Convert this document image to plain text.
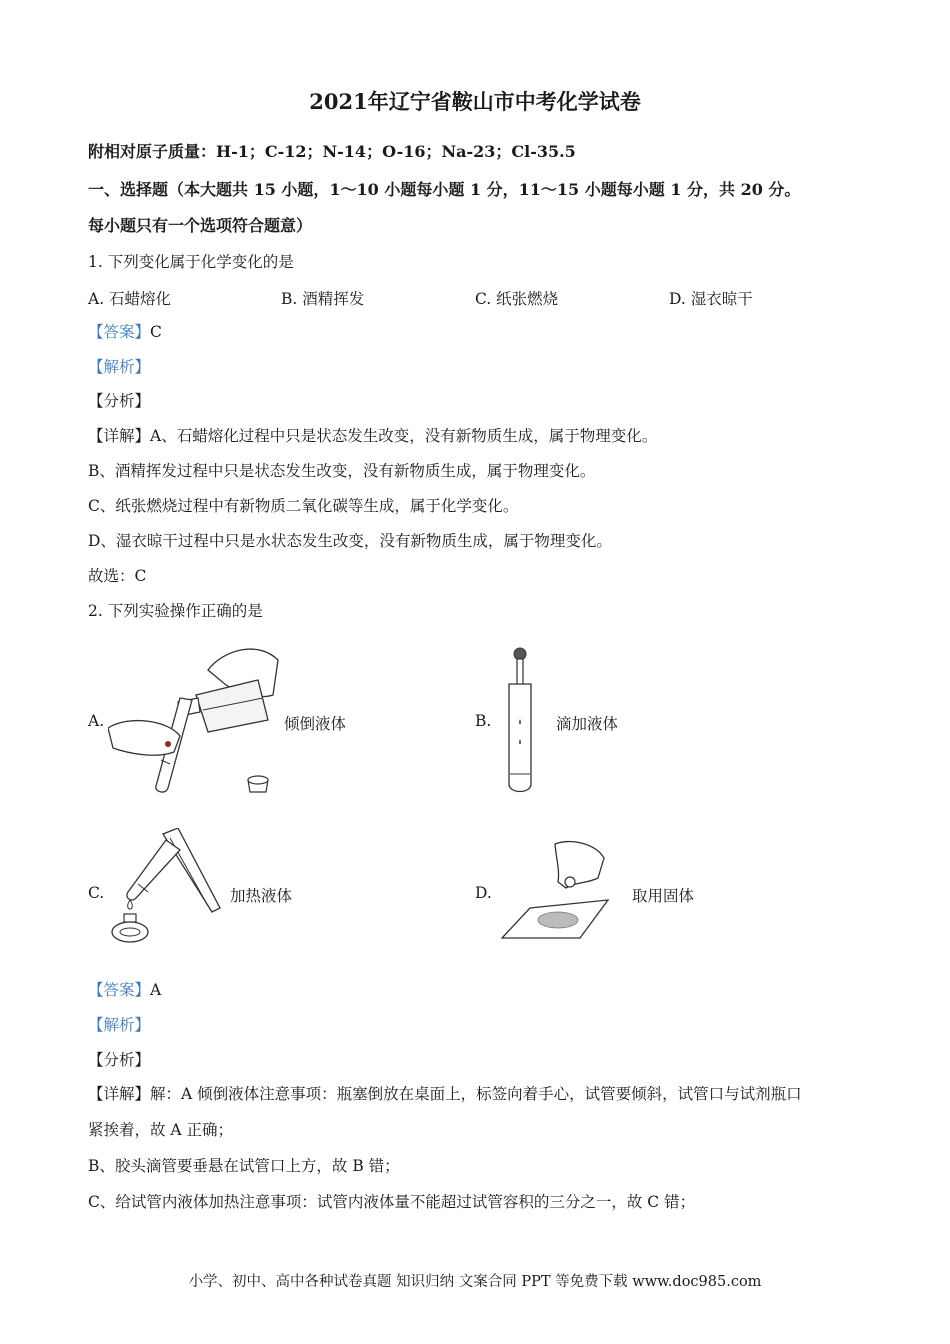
2021年辽宁省鞍山市中考化学试卷
附相对原子质量：H-1；C-12；N-14；O-16；Na-23；Cl-35.5
一、选择题（本大题共 15 小题，1～10 小题每小题 1 分，11～15 小题每小题 1 分，共 20 分。
每小题只有一个选项符合题意）
1. 下列变化属于化学变化的是
A. 石蜡熔化	B. 酒精挥发	C. 纸张燃烧	D. 湿衣晾干
【答案】C
【解析】
【分析】
【详解】A、石蜡熔化过程中只是状态发生改变，没有新物质生成，属于物理变化。
B、酒精挥发过程中只是状态发生改变，没有新物质生成，属于物理变化。
C、纸张燃烧过程中有新物质二氧化碳等生成，属于化学变化。
D、湿衣晾干过程中只是水状态发生改变，没有新物质生成，属于物理变化。
故选：C
2. 下列实验操作正确的是
A.	倾倒液体	B.	滴加液体
C.	加热液体	D.	取用固体
【答案】A
【解析】
【分析】
【详解】解：A 倾倒液体注意事项：瓶塞倒放在桌面上，标签向着手心，试管要倾斜，试管口与试剂瓶口
紧挨着，故 A 正确；
B、胶头滴管要垂悬在试管口上方，故 B 错；
C、给试管内液体加热注意事项：试管内液体量不能超过试管容积的三分之一，故 C 错；
小学、初中、高中各种试卷真题 知识归纳 文案合同 PPT 等免费下载 www.doc985.com
